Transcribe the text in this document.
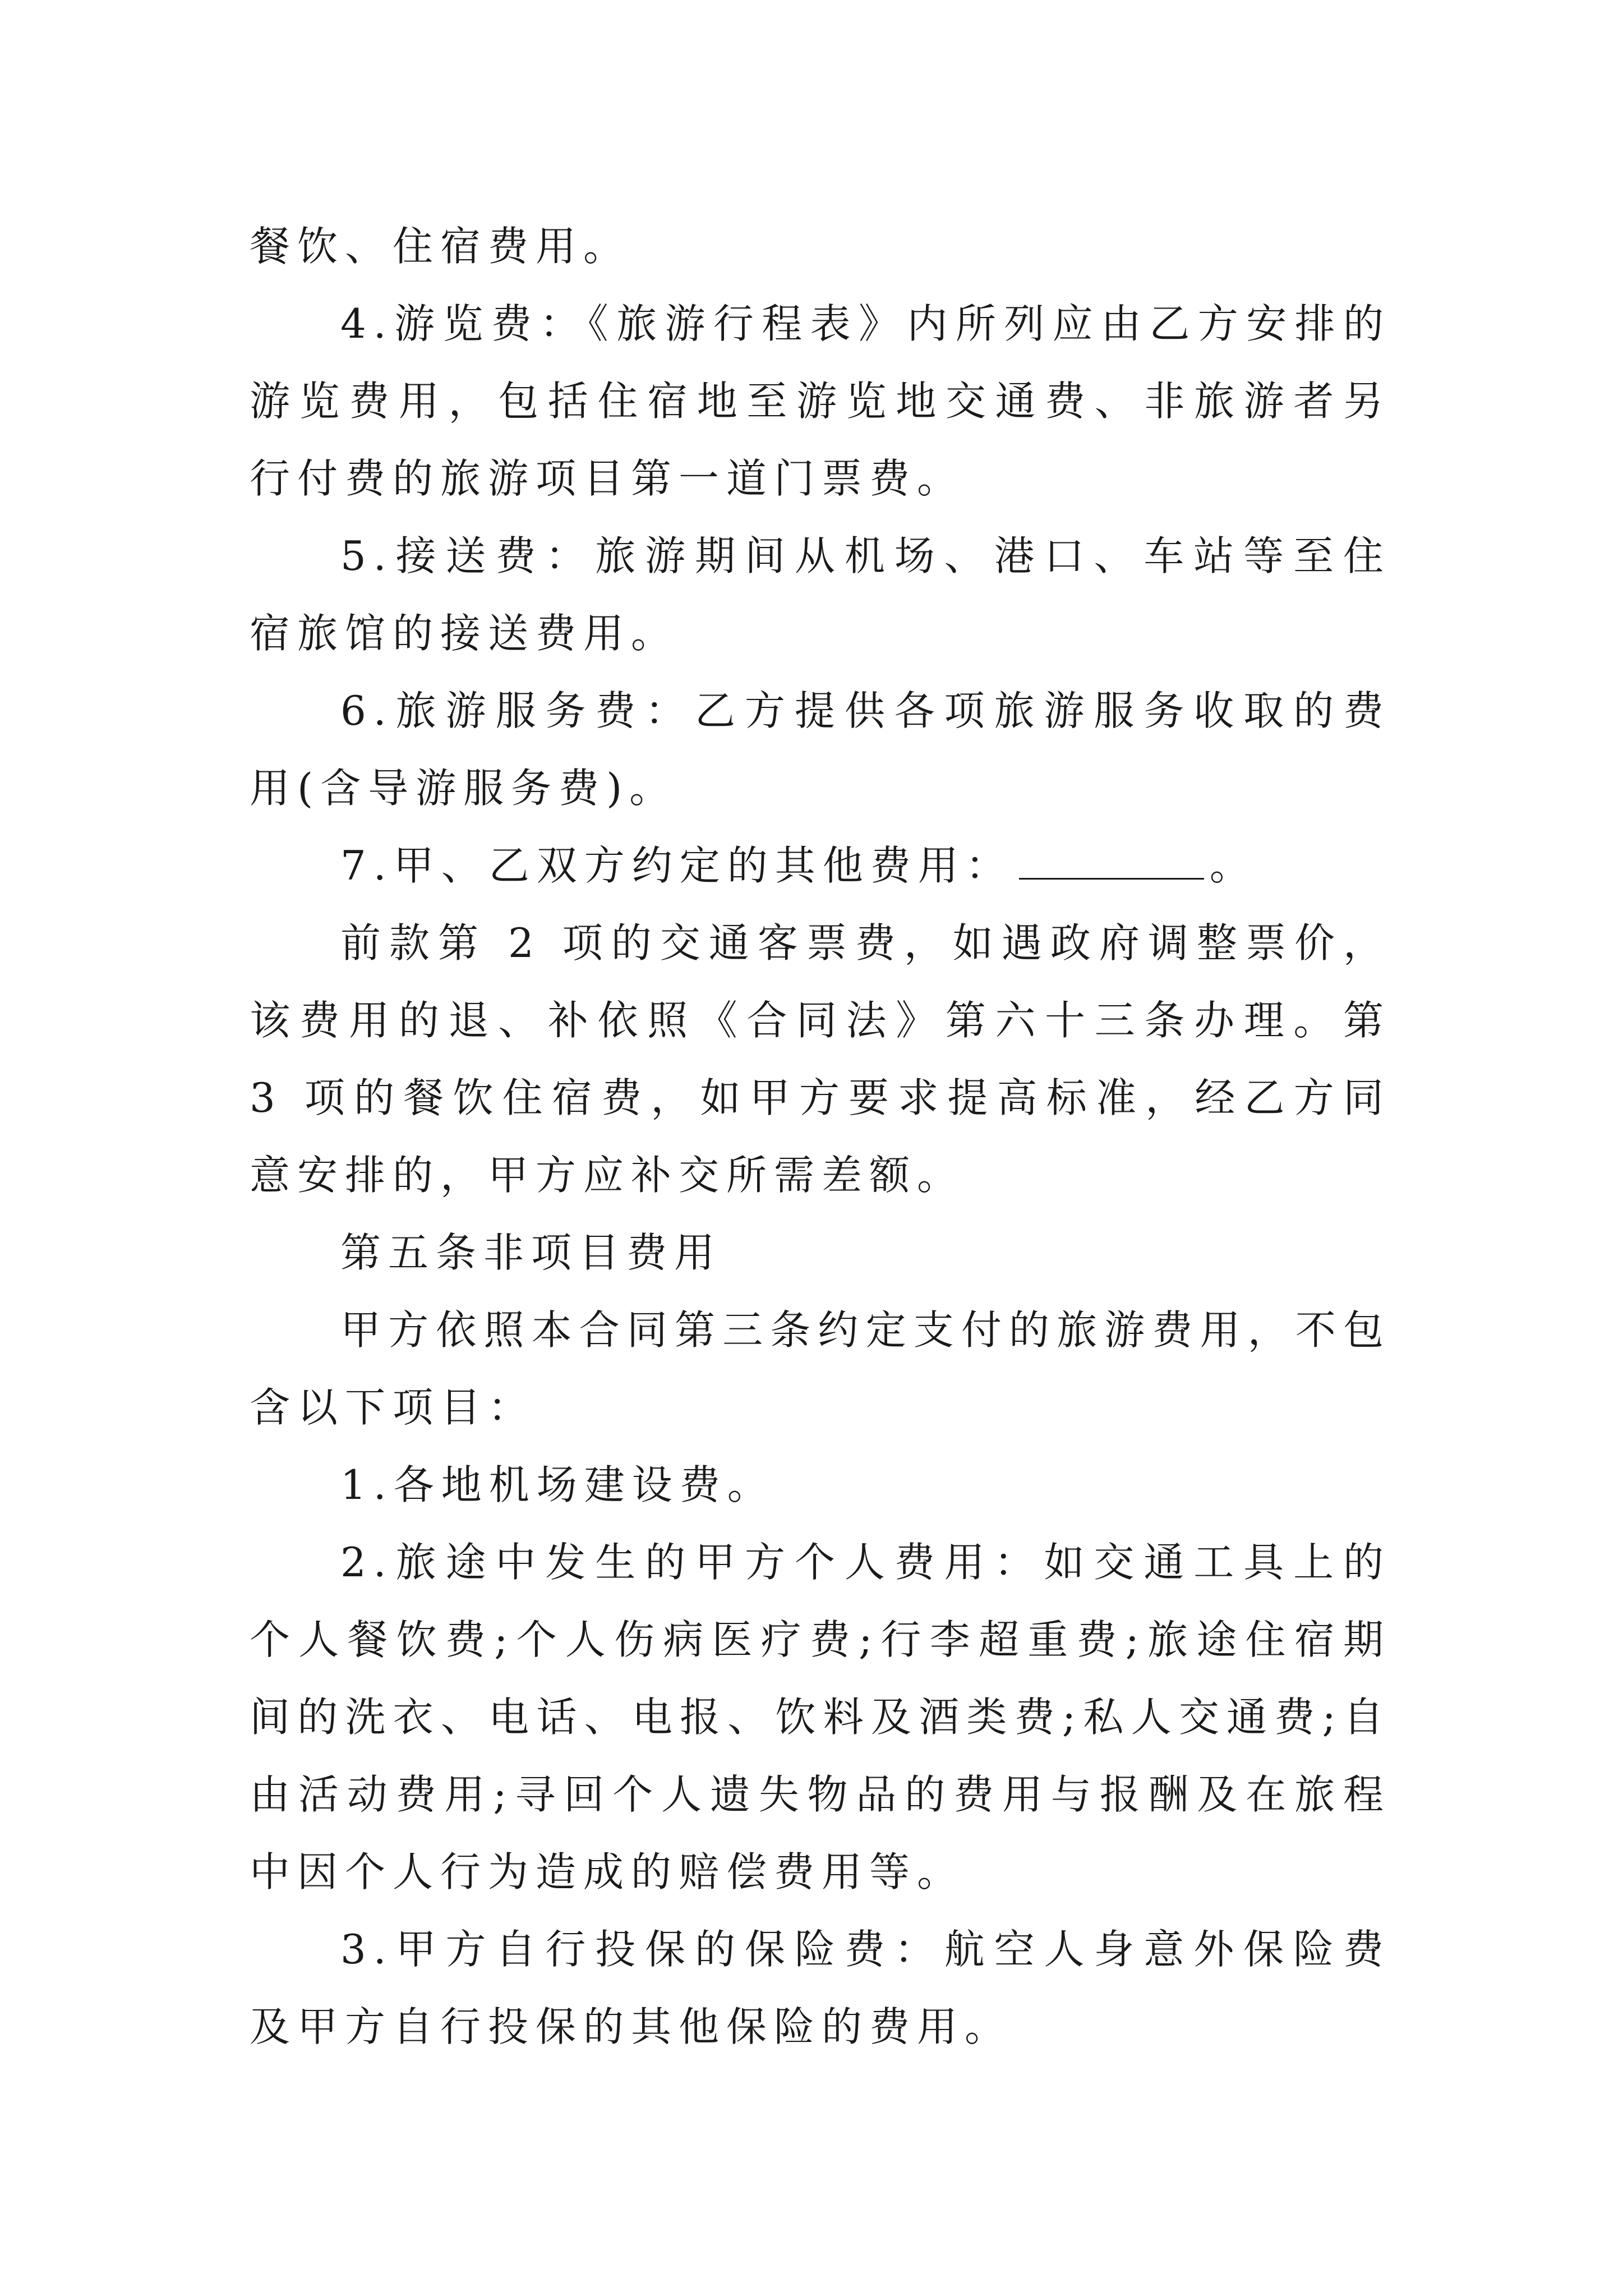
餐饮、住宿费用。

4.游览费：《旅游行程表》内所列应由乙方安排的游览费用，包括住宿地至游览地交通费、非旅游者另行付费的旅游项目第一道门票费。

5.接送费：旅游期间从机场、港口、车站等至住宿旅馆的接送费用。

6.旅游服务费：乙方提供各项旅游服务收取的费用(含导游服务费)。

7.甲、乙双方约定的其他费用：	。

前款第 2 项的交通客票费，如遇政府调整票价，该费用的退、补依照《合同法》第六十三条办理。第 3 项的餐饮住宿费，如甲方要求提高标准，经乙方同意安排的，甲方应补交所需差额。

第五条非项目费用

甲方依照本合同第三条约定支付的旅游费用，不包含以下项目：

1.各地机场建设费。

2.旅途中发生的甲方个人费用：如交通工具上的个人餐饮费;个人伤病医疗费;行李超重费;旅途住宿期间的洗衣、电话、电报、饮料及酒类费;私人交通费;自由活动费用;寻回个人遗失物品的费用与报酬及在旅程中因个人行为造成的赔偿费用等。

3.甲方自行投保的保险费：航空人身意外保险费及甲方自行投保的其他保险的费用。
